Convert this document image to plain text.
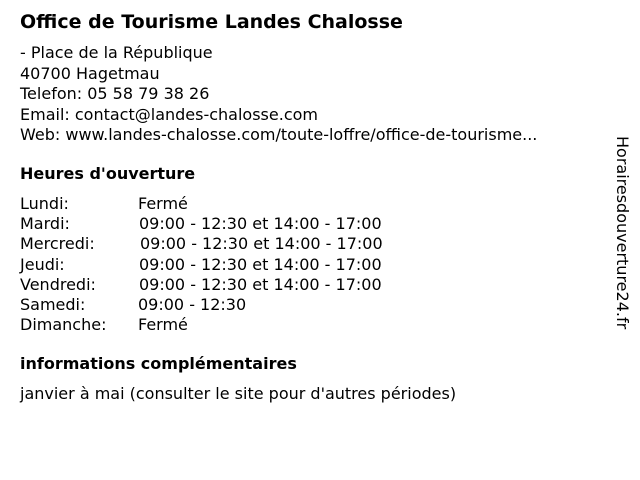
Office de Tourisme Landes Chalosse
- Place de la République
40700 Hagetmau
Telefon: 05 58 79 38 26
Email: contact@landes-chalosse.com
Web: www.landes-chalosse.com/toute-loffre/office-de-tourisme...
Heures d'ouverture
Lundi:	Fermé
Mardi:	09:00 - 12:30 et 14:00 - 17:00
Mercredi:	09:00 - 12:30 et 14:00 - 17:00
Jeudi:	09:00 - 12:30 et 14:00 - 17:00
Vendredi:	09:00 - 12:30 et 14:00 - 17:00
Samedi:	09:00 - 12:30
Dimanche: Fermé
informations complémentaires
janvier à mai (consulter le site pour d'autres périodes)
Horairesdouverture24.fr
